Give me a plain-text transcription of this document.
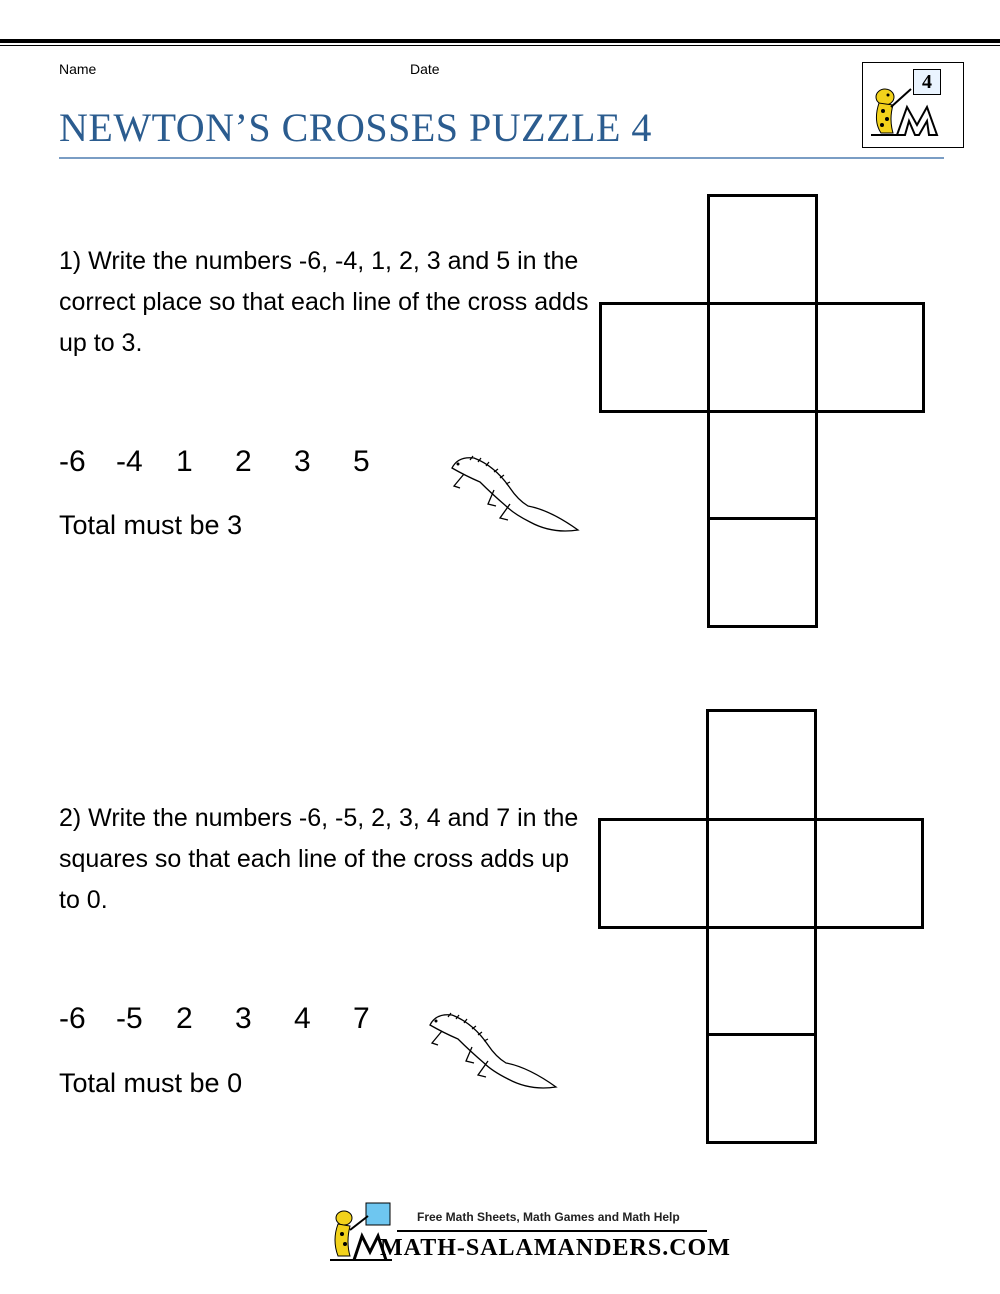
Name	Date
NEWTON’S CROSSES PUZZLE 4
4
1) Write the numbers -6, -4, 1, 2, 3 and 5 in the correct place so that each line of the cross adds up to 3.
-6 -4 1 2 3 5
Total must be 3
2) Write the numbers -6, -5, 2, 3, 4 and 7 in the squares so that each line of the cross adds up to 0.
-6 -5 2 3 4 7
Total must be 0
Free Math Sheets, Math Games and Math Help
MATH-SALAMANDERS.COM
